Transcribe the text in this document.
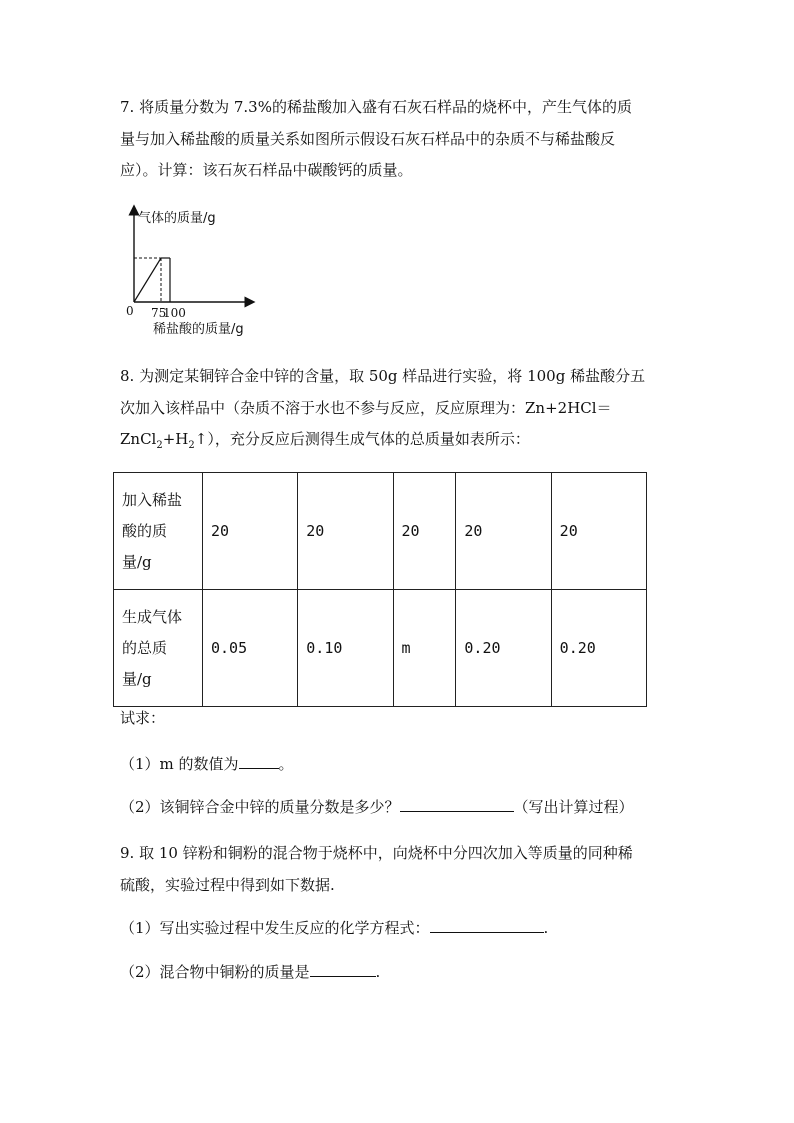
7. 将质量分数为 7.3%的稀盐酸加入盛有石灰石样品的烧杯中，产生气体的质
量与加入稀盐酸的质量关系如图所示假设石灰石样品中的杂质不与稀盐酸反
应）。计算：该石灰石样品中碳酸钙的质量。
气体的质量/g
0 75
100
稀盐酸的质量/g
8. 为测定某铜锌合金中锌的含量，取 50g 样品进行实验，将 100g 稀盐酸分五
次加入该样品中（杂质不溶于水也不参与反应，反应原理为：Zn+2HCl＝
$ZnCl_2+H_2↑$），充分反应后测得生成气体的总质量如表所示：
加入稀盐酸的质量/g	20	20	20	20	20
生成气体的总质量/g	0.05	0.10	m	0.20	0.20
试求：
（1）m 的数值为	。
（2）该铜锌合金中锌的质量分数是多少？	（写出计算过程）
9. 取 10 锌粉和铜粉的混合物于烧杯中，向烧杯中分四次加入等质量的同种稀
硫酸，实验过程中得到如下数据.
（1）写出实验过程中发生反应的化学方程式：	.
（2）混合物中铜粉的质量是	.
